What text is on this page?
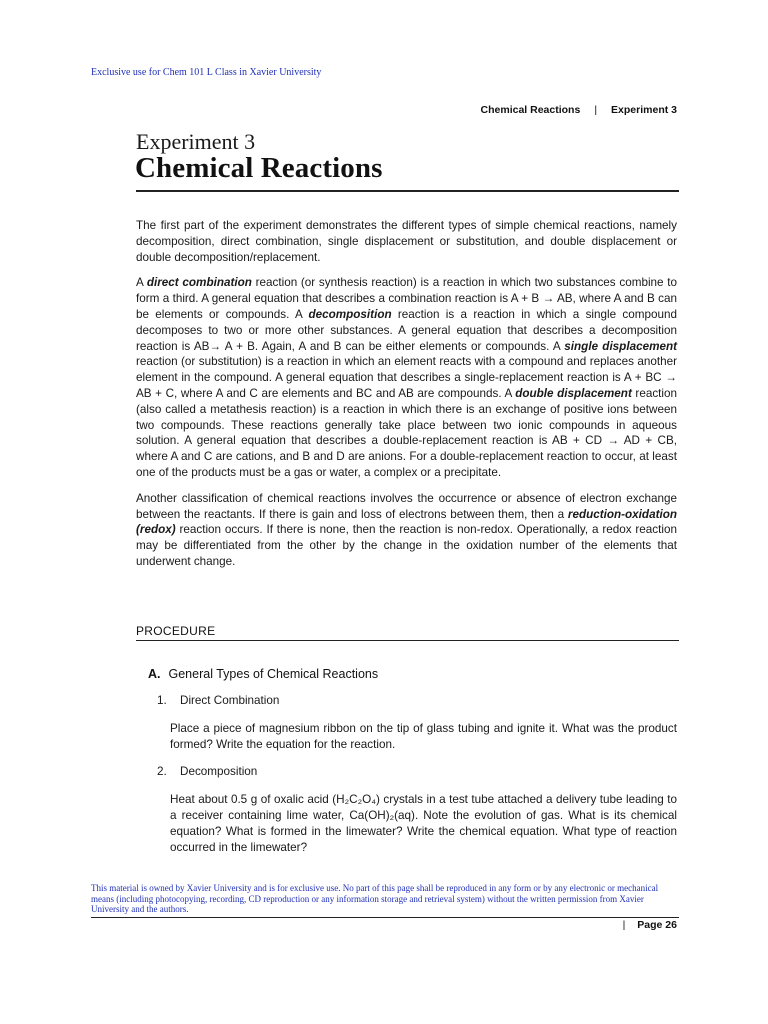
Exclusive use for Chem 101 L Class in Xavier University
Chemical Reactions | Experiment 3
Experiment 3
Chemical Reactions

The first part of the experiment demonstrates the different types of simple chemical reactions, namely decomposition, direct combination, single displacement or substitution, and double displacement or double decomposition/replacement.

A direct combination reaction (or synthesis reaction) is a reaction in which two substances combine to form a third. A general equation that describes a combination reaction is A + B → AB, where A and B can be elements or compounds. A decomposition reaction is a reaction in which a single compound decomposes to two or more other substances. A general equation that describes a decomposition reaction is AB→ A + B. Again, A and B can be either elements or compounds. A single displacement reaction (or substitution) is a reaction in which an element reacts with a compound and replaces another element in the compound. A general equation that describes a single-replacement reaction is A + BC → AB + C, where A and C are elements and BC and AB are compounds. A double displacement reaction (also called a metathesis reaction) is a reaction in which there is an exchange of positive ions between two compounds. These reactions generally take place between two ionic compounds in aqueous solution. A general equation that describes a double-replacement reaction is AB + CD → AD + CB, where A and C are cations, and B and D are anions. For a double-replacement reaction to occur, at least one of the products must be a gas or water, a complex or a precipitate.

Another classification of chemical reactions involves the occurrence or absence of electron exchange between the reactants. If there is gain and loss of electrons between them, then a reduction-oxidation (redox) reaction occurs. If there is none, then the reaction is non-redox. Operationally, a redox reaction may be differentiated from the other by the change in the oxidation number of the elements that underwent change.

PROCEDURE
A. General Types of Chemical Reactions
1. Direct Combination
Place a piece of magnesium ribbon on the tip of glass tubing and ignite it. What was the product formed? Write the equation for the reaction.
2. Decomposition
Heat about 0.5 g of oxalic acid (H₂C₂O₄) crystals in a test tube attached a delivery tube leading to a receiver containing lime water, Ca(OH)₂(aq). Note the evolution of gas. What is its chemical equation? What is formed in the limewater? Write the chemical equation. What type of reaction occurred in the limewater?
This material is owned by Xavier University and is for exclusive use. No part of this page shall be reproduced in any form or by any electronic or mechanical means (including photocopying, recording, CD reproduction or any information storage and retrieval system) without the written permission from Xavier University and the authors.
| Page 26
